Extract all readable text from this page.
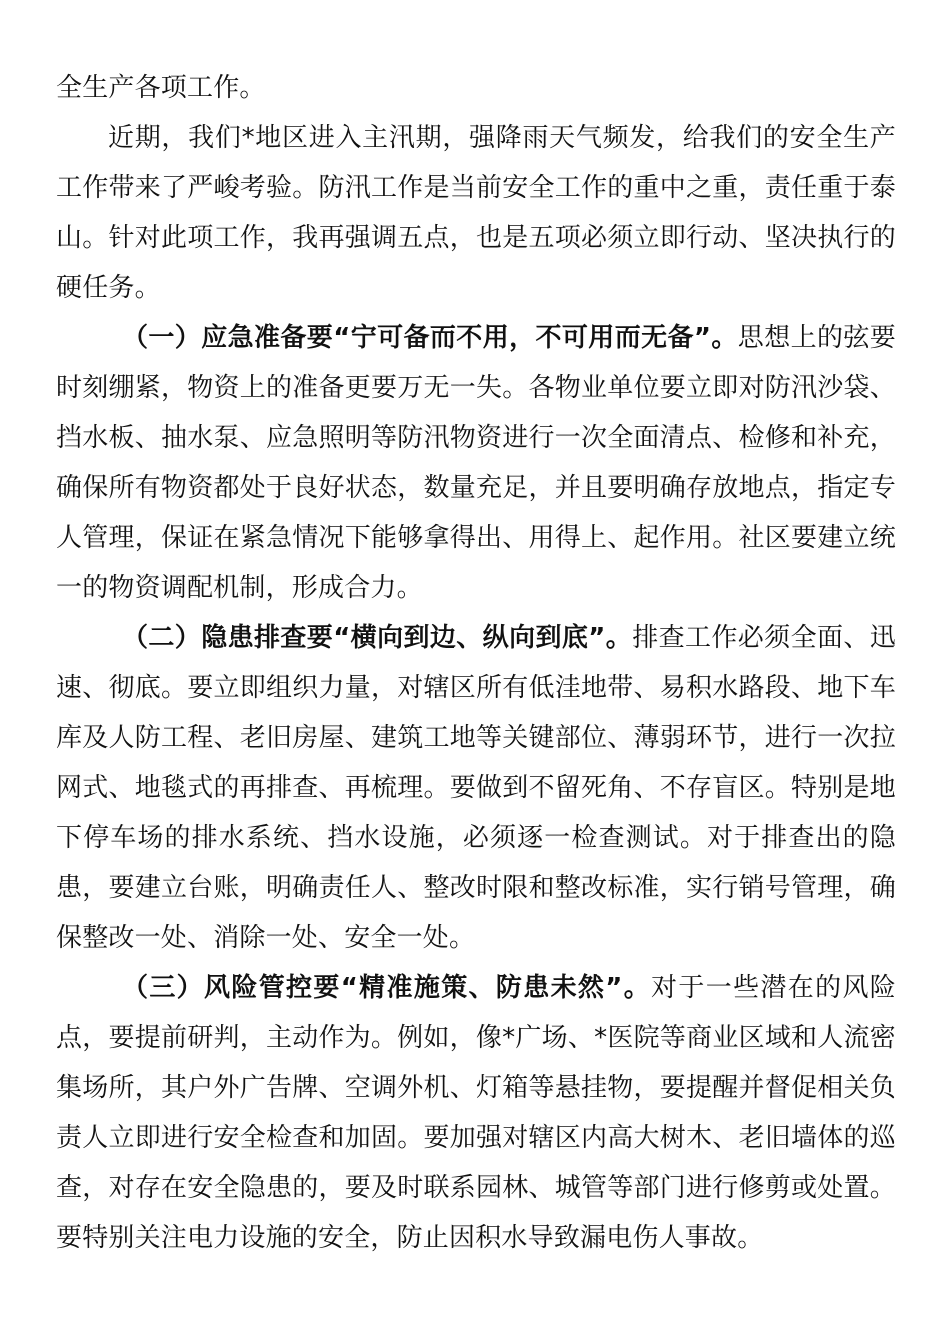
全生产各项工作。

近期，我们*地区进入主汛期，强降雨天气频发，给我们的安全生产工作带来了严峻考验。防汛工作是当前安全工作的重中之重，责任重于泰山。针对此项工作，我再强调五点，也是五项必须立即行动、坚决执行的硬任务。

（一）应急准备要“宁可备而不用，不可用而无备”。思想上的弦要时刻绷紧，物资上的准备更要万无一失。各物业单位要立即对防汛沙袋、挡水板、抽水泵、应急照明等防汛物资进行一次全面清点、检修和补充，确保所有物资都处于良好状态，数量充足，并且要明确存放地点，指定专人管理，保证在紧急情况下能够拿得出、用得上、起作用。社区要建立统一的物资调配机制，形成合力。

（二）隐患排查要“横向到边、纵向到底”。排查工作必须全面、迅速、彻底。要立即组织力量，对辖区所有低洼地带、易积水路段、地下车库及人防工程、老旧房屋、建筑工地等关键部位、薄弱环节，进行一次拉网式、地毯式的再排查、再梳理。要做到不留死角、不存盲区。特别是地下停车场的排水系统、挡水设施，必须逐一检查测试。对于排查出的隐患，要建立台账，明确责任人、整改时限和整改标准，实行销号管理，确保整改一处、消除一处、安全一处。

（三）风险管控要“精准施策、防患未然”。对于一些潜在的风险点，要提前研判，主动作为。例如，像*广场、*医院等商业区域和人流密集场所，其户外广告牌、空调外机、灯箱等悬挂物，要提醒并督促相关负责人立即进行安全检查和加固。要加强对辖区内高大树木、老旧墙体的巡查，对存在安全隐患的，要及时联系园林、城管等部门进行修剪或处置。要特别关注电力设施的安全，防止因积水导致漏电伤人事故。
